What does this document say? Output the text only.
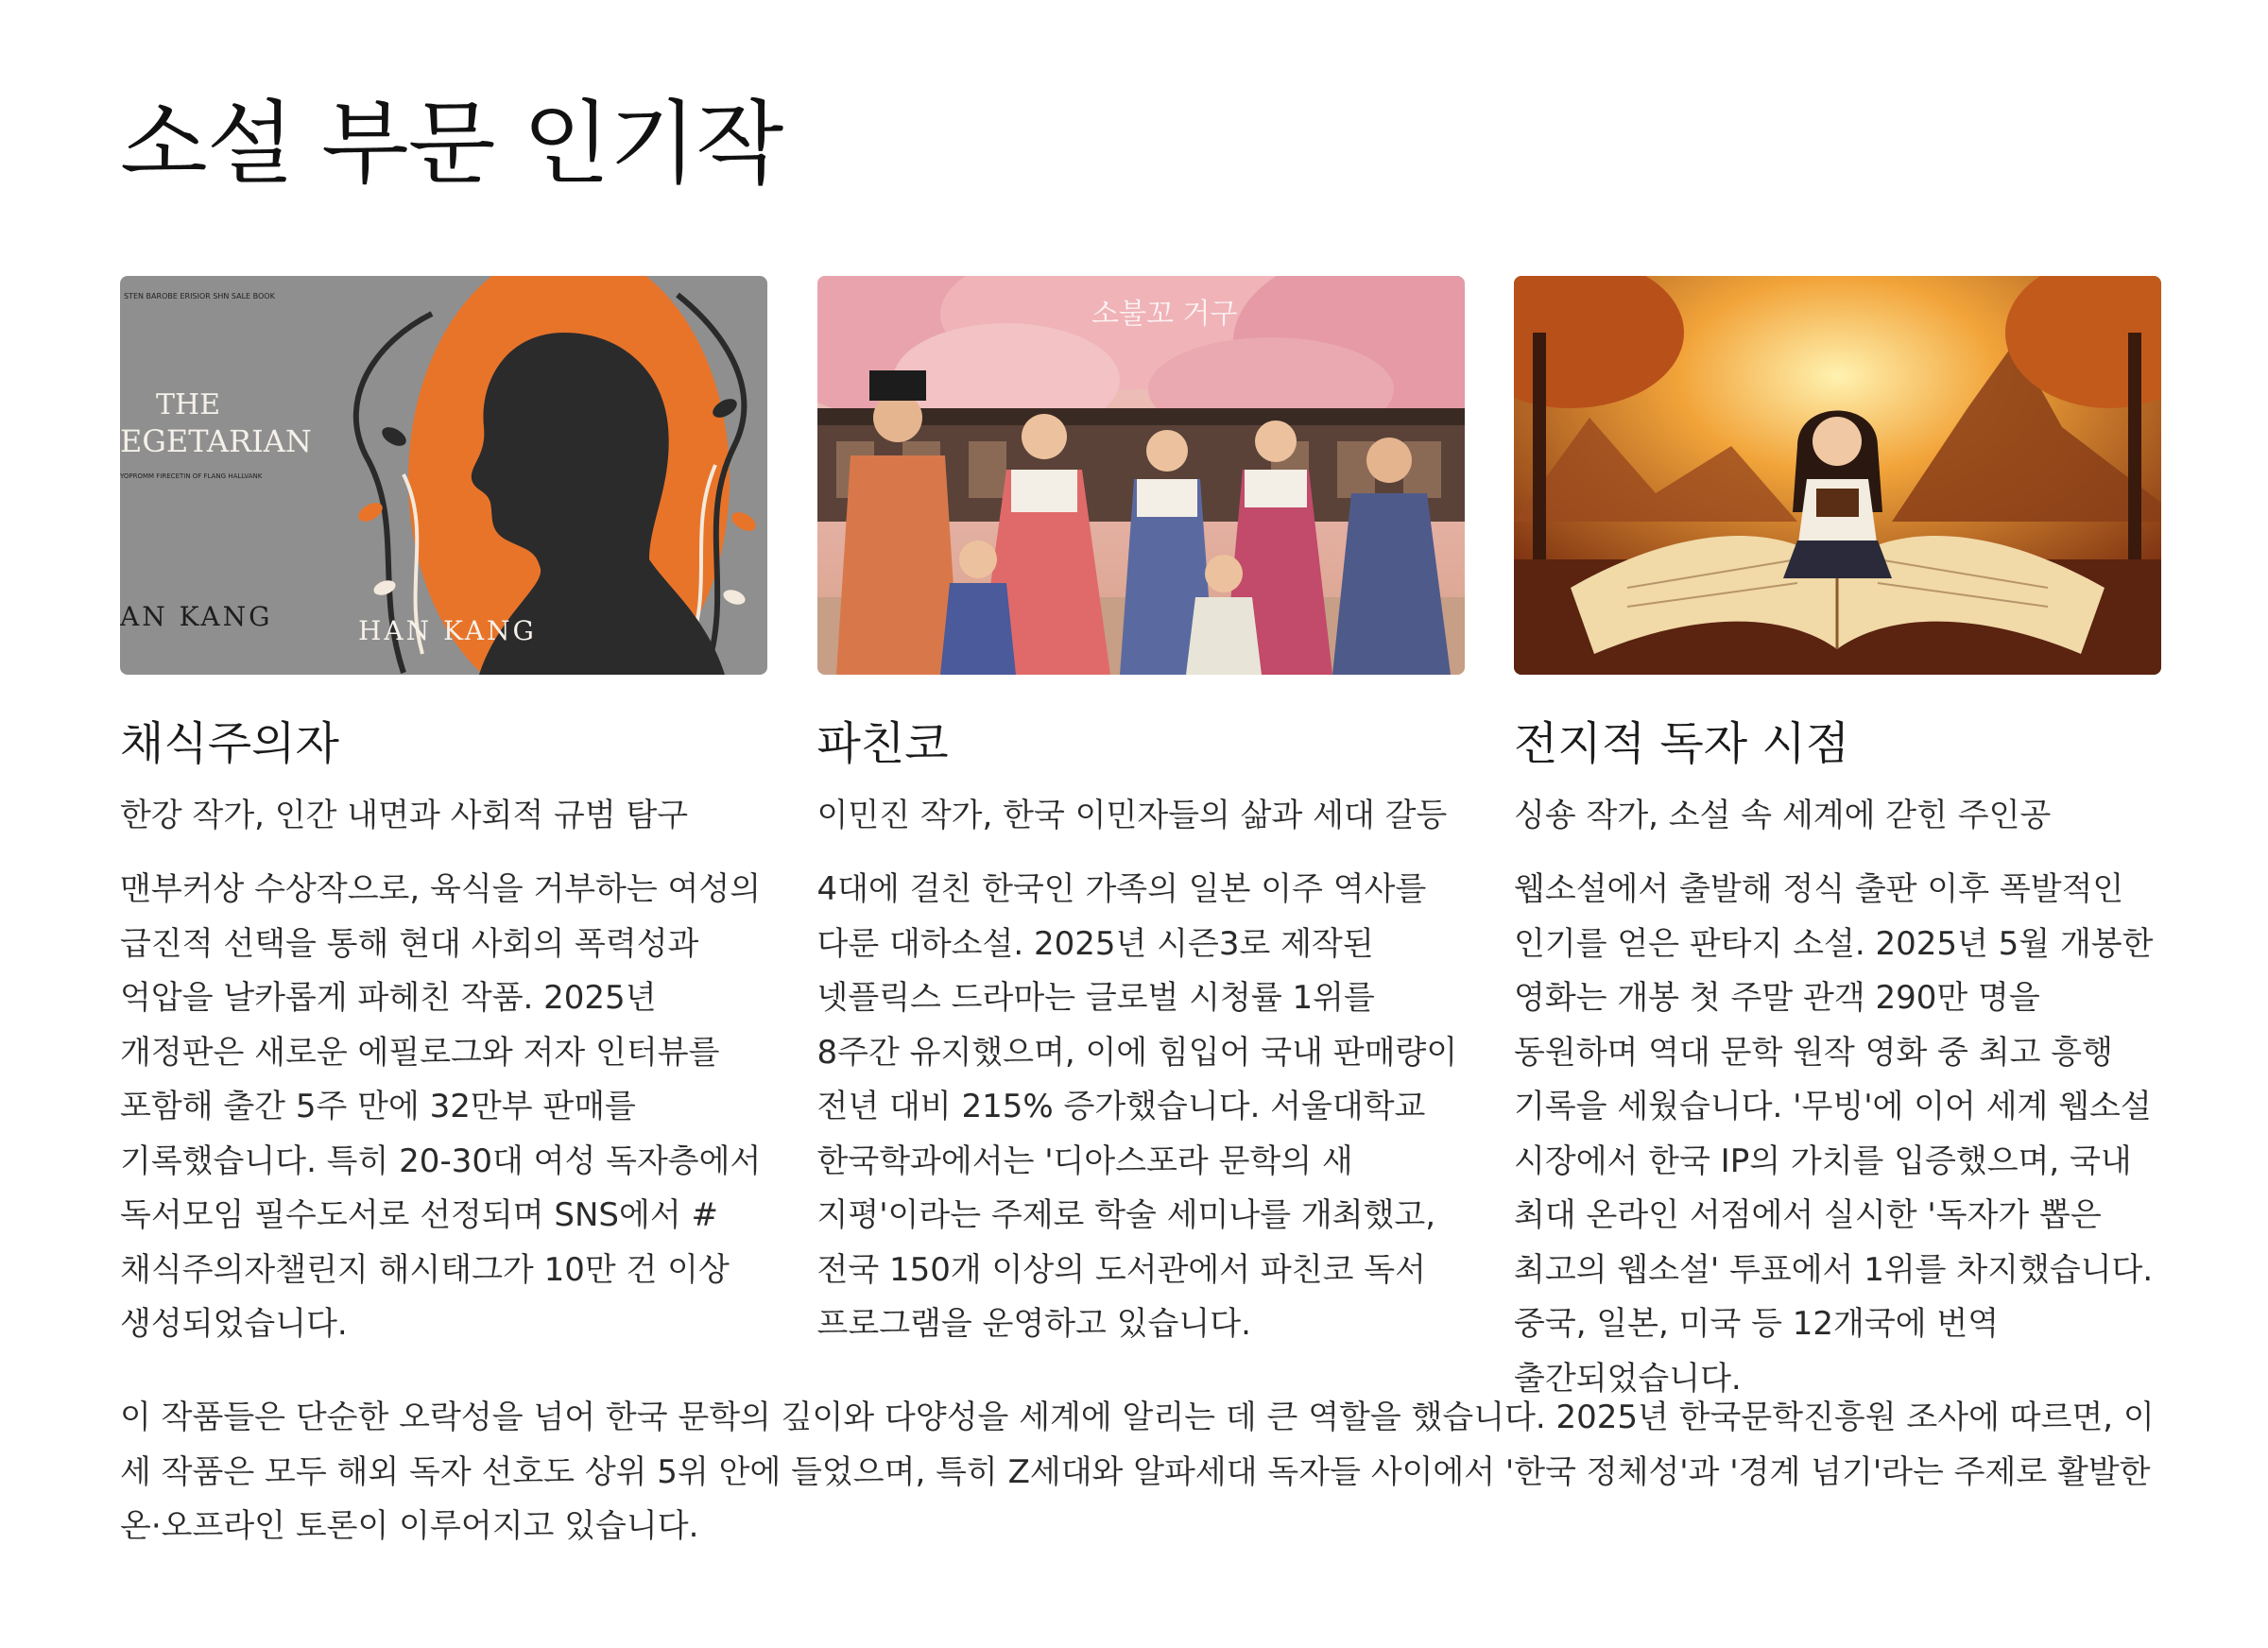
소설 부문 인기작
STEN BAROBE ERISIOR SHN SALE BOOK
THE
EGETARIAN
YOPROMM FIRECETIN OF FLANG HALLVANK
AN KANG	HAN KANG
채식주의자

한강 작가, 인간 내면과 사회적 규범 탐구

맨부커상 수상작으로, 육식을 거부하는 여성의 급진적 선택을 통해 현대 사회의 폭력성과 억압을 날카롭게 파헤친 작품. 2025년 개정판은 새로운 에필로그와 저자 인터뷰를 포함해 출간 5주 만에 32만부 판매를 기록했습니다. 특히 20-30대 여성 독자층에서 독서모임 필수도서로 선정되며 SNS에서 #채식주의자챌린지 해시태그가 10만 건 이상 생성되었습니다.

소불꼬 거구
파친코

이민진 작가, 한국 이민자들의 삶과 세대 갈등

4대에 걸친 한국인 가족의 일본 이주 역사를 다룬 대하소설. 2025년 시즌3로 제작된 넷플릭스 드라마는 글로벌 시청률 1위를 8주간 유지했으며, 이에 힘입어 국내 판매량이 전년 대비 215% 증가했습니다. 서울대학교 한국학과에서는 '디아스포라 문학의 새 지평'이라는 주제로 학술 세미나를 개최했고, 전국 150개 이상의 도서관에서 파친코 독서 프로그램을 운영하고 있습니다.

전지적 독자 시점

싱숑 작가, 소설 속 세계에 갇힌 주인공

웹소설에서 출발해 정식 출판 이후 폭발적인 인기를 얻은 판타지 소설. 2025년 5월 개봉한 영화는 개봉 첫 주말 관객 290만 명을 동원하며 역대 문학 원작 영화 중 최고 흥행 기록을 세웠습니다. '무빙'에 이어 세계 웹소설 시장에서 한국 IP의 가치를 입증했으며, 국내 최대 온라인 서점에서 실시한 '독자가 뽑은 최고의 웹소설' 투표에서 1위를 차지했습니다. 중국, 일본, 미국 등 12개국에 번역 출간되었습니다.

이 작품들은 단순한 오락성을 넘어 한국 문학의 깊이와 다양성을 세계에 알리는 데 큰 역할을 했습니다. 2025년 한국문학진흥원 조사에 따르면, 이 세 작품은 모두 해외 독자 선호도 상위 5위 안에 들었으며, 특히 Z세대와 알파세대 독자들 사이에서 '한국 정체성'과 '경계 넘기'라는 주제로 활발한 온·오프라인 토론이 이루어지고 있습니다.
